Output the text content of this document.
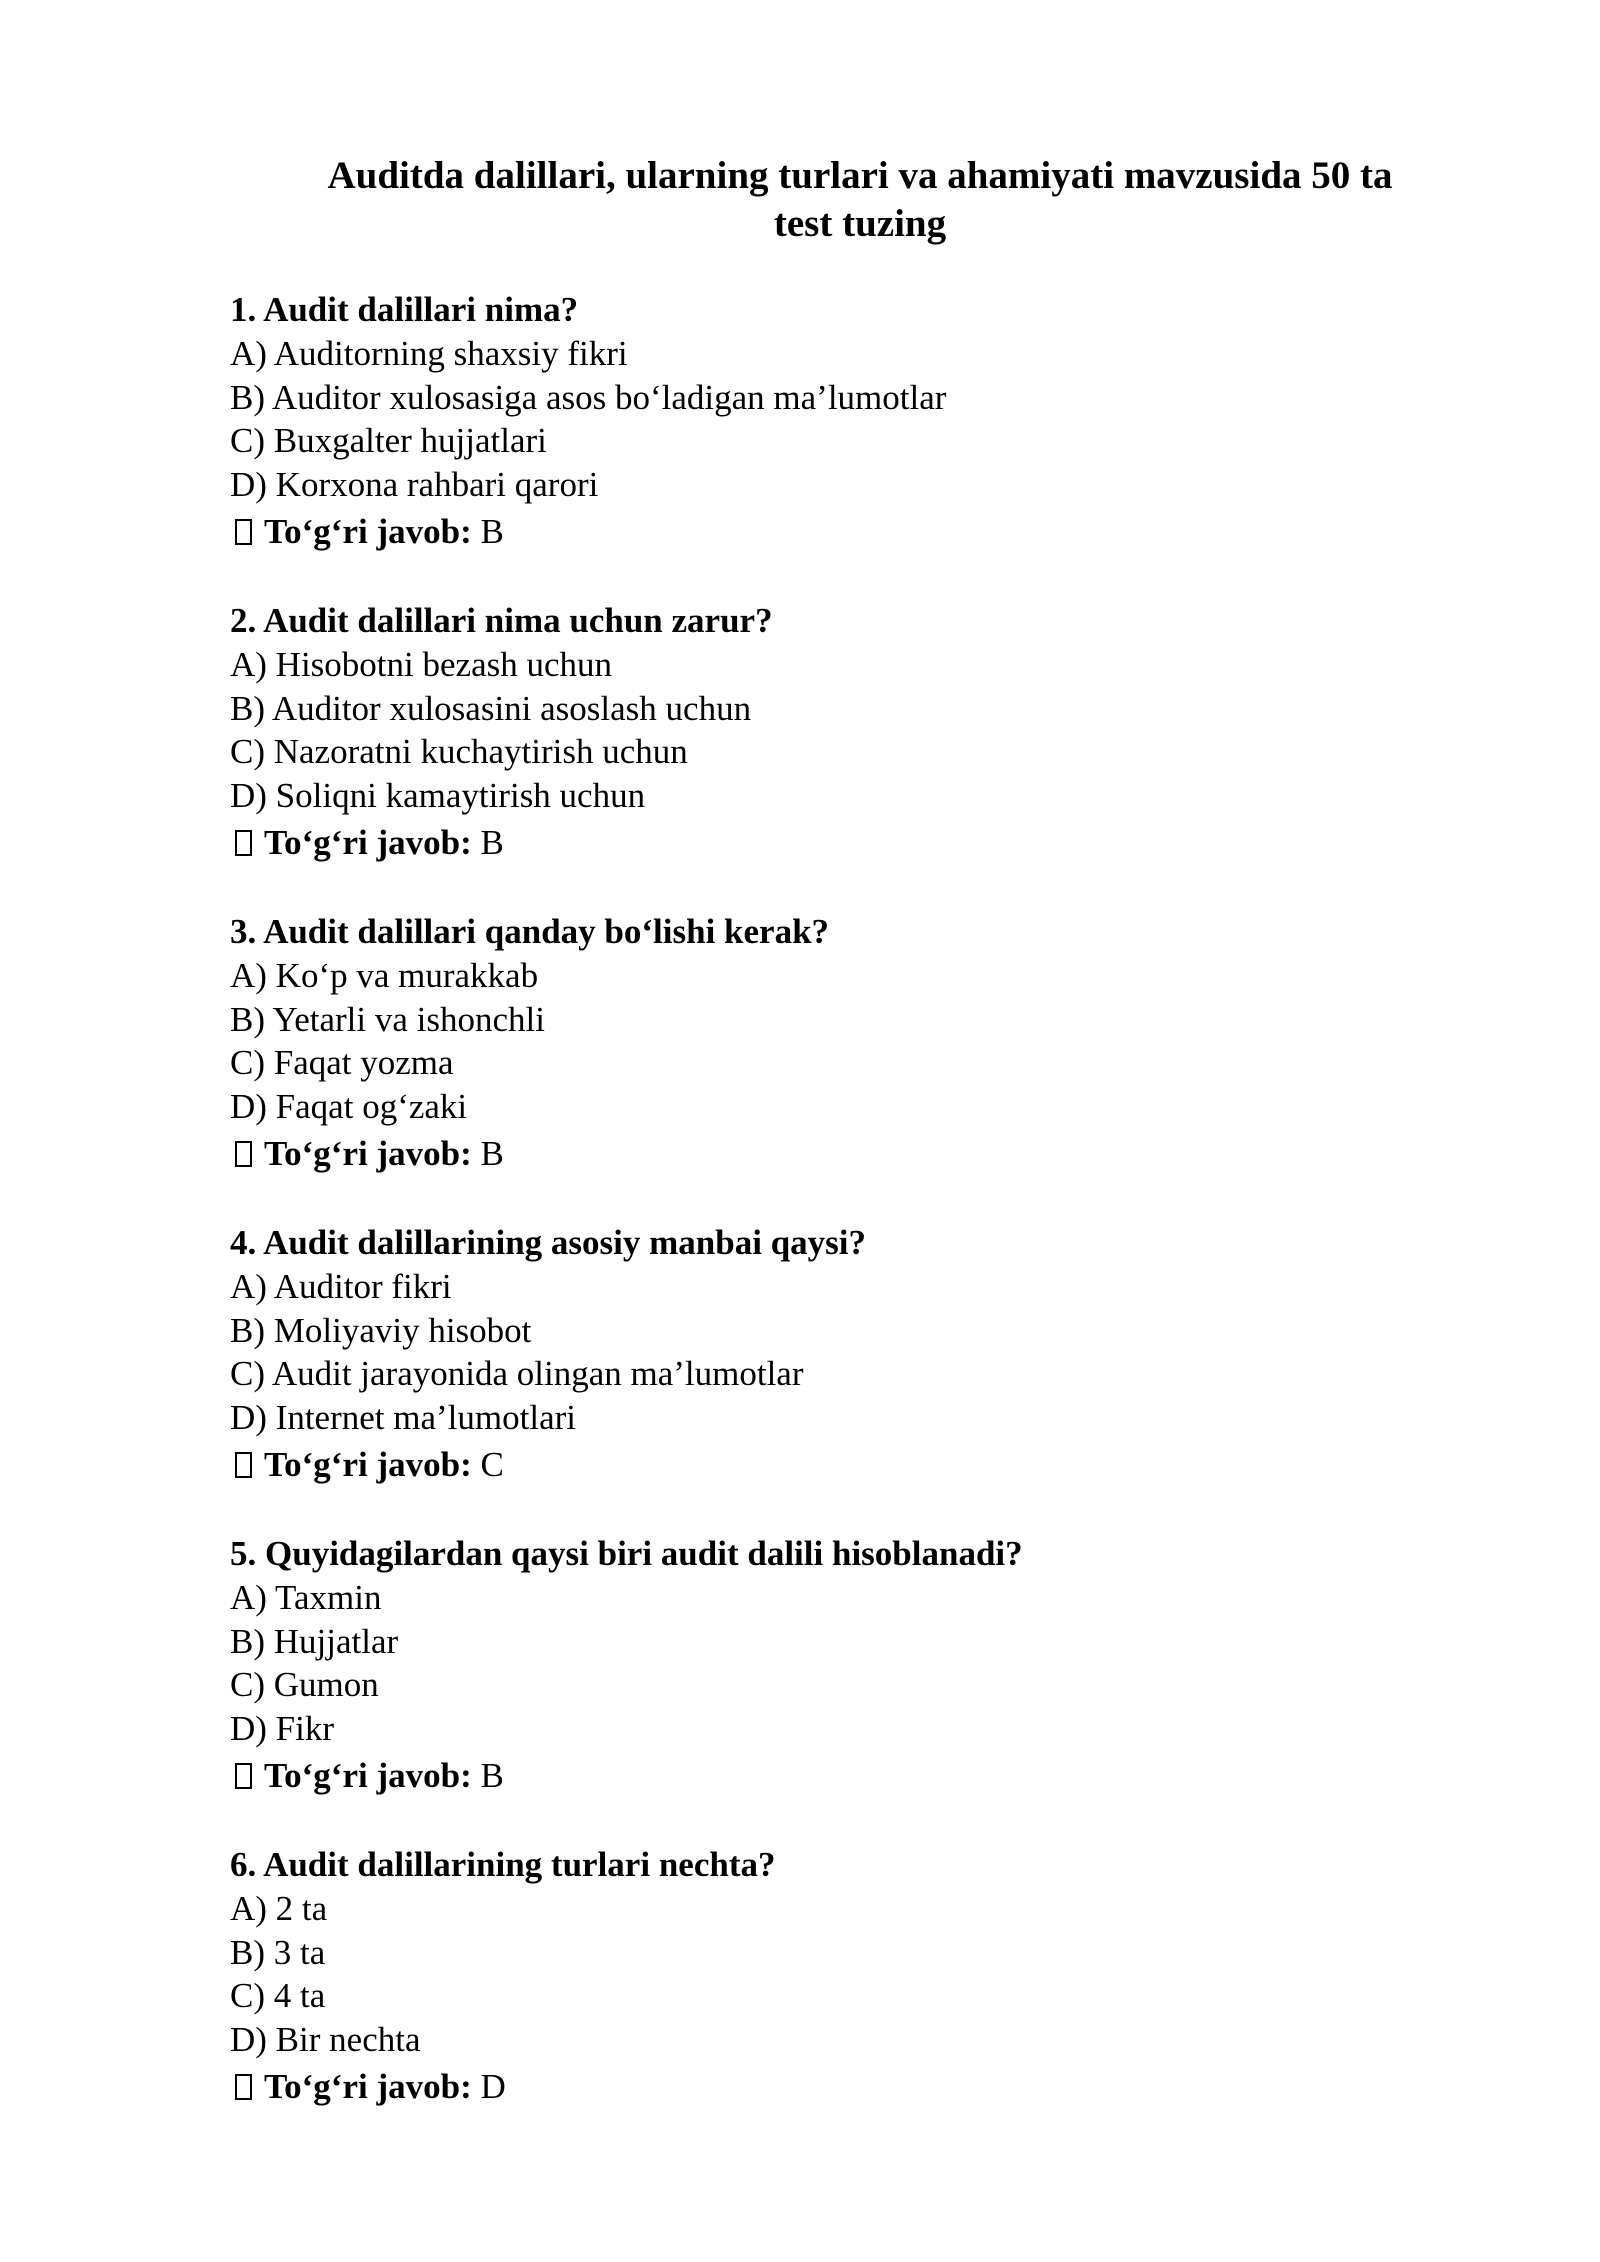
Auditda dalillari, ularning turlari va ahamiyati mavzusida 50 ta
test tuzing
1. Audit dalillari nima?
A) Auditorning shaxsiy fikri
B) Auditor xulosasiga asos bo‘ladigan ma’lumotlar
C) Buxgalter hujjatlari
D) Korxona rahbari qarori
To‘g‘ri javob: B
2. Audit dalillari nima uchun zarur?
A) Hisobotni bezash uchun
B) Auditor xulosasini asoslash uchun
C) Nazoratni kuchaytirish uchun
D) Soliqni kamaytirish uchun
To‘g‘ri javob: B
3. Audit dalillari qanday bo‘lishi kerak?
A) Ko‘p va murakkab
B) Yetarli va ishonchli
C) Faqat yozma
D) Faqat og‘zaki
To‘g‘ri javob: B
4. Audit dalillarining asosiy manbai qaysi?
A) Auditor fikri
B) Moliyaviy hisobot
C) Audit jarayonida olingan ma’lumotlar
D) Internet ma’lumotlari
To‘g‘ri javob: C
5. Quyidagilardan qaysi biri audit dalili hisoblanadi?
A) Taxmin
B) Hujjatlar
C) Gumon
D) Fikr
To‘g‘ri javob: B
6. Audit dalillarining turlari nechta?
A) 2 ta
B) 3 ta
C) 4 ta
D) Bir nechta
To‘g‘ri javob: D
